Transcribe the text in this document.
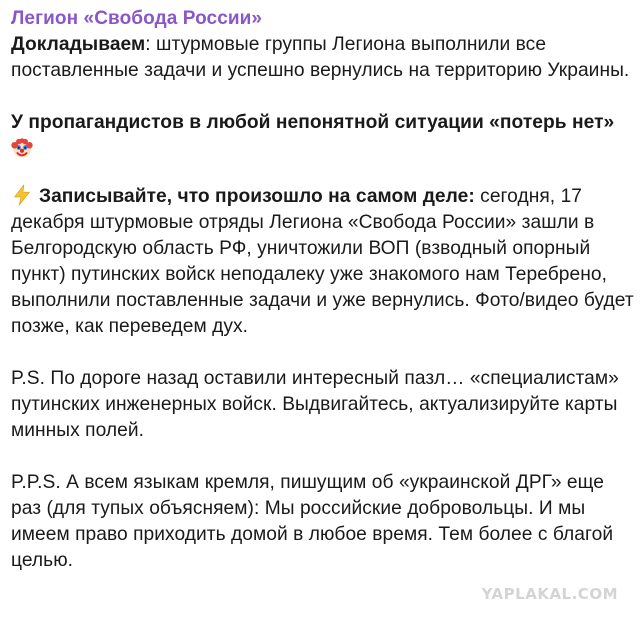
Легион «Свобода России»

Докладываем: штурмовые группы Легиона выполнили все поставленные задачи и успешно вернулись на территорию Украины.

У пропагандистов в любой непонятной ситуации «потерь нет»

Записывайте, что произошло на самом деле: сегодня, 17 декабря штурмовые отряды Легиона «Свобода России» зашли в Белгородскую область РФ, уничтожили ВОП (взводный опорный пункт) путинских войск неподалеку уже знакомого нам Теребрено, выполнили поставленные задачи и уже вернулись. Фото/видео будет позже, как переведем дух.

P.S. По дороге назад оставили интересный пазл… «специалистам» путинских инженерных войск. Выдвигайтесь, актуализируйте карты минных полей.

P.P.S. А всем языкам кремля, пишущим об «украинской ДРГ» еще раз (для тупых объясняем): Мы российские добровольцы. И мы имеем право приходить домой в любое время. Тем более с благой целью.

YAPLAKAL.COM
